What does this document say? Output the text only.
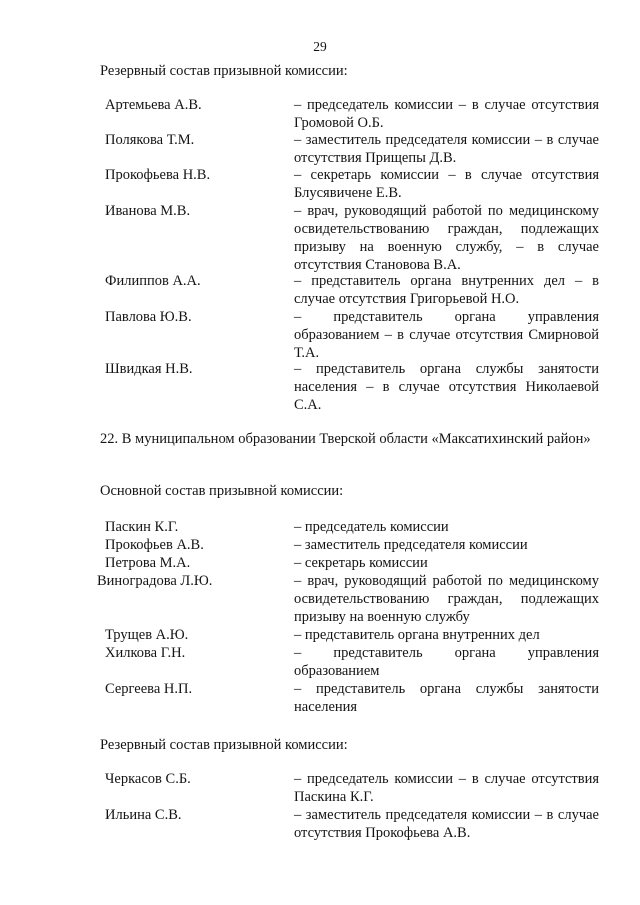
29
Резервный состав призывной комиссии:
Артемьева А.В.	– председатель комиссии – в случае отсутствия Громовой О.Б.
Полякова Т.М.	– заместитель председателя комиссии – в случае отсутствия Прищепы Д.В.
Прокофьева Н.В.	– секретарь комиссии – в случае отсутствия Блусявичене Е.В.
Иванова М.В.	– врач, руководящий работой по медицинскому освидетельствованию граждан, подлежащих призыву на военную службу, – в случае отсутствия Становова В.А.
Филиппов А.А.	– представитель органа внутренних дел – в случае отсутствия Григорьевой Н.О.
Павлова Ю.В.	– представитель органа управления образованием – в случае отсутствия Смирновой Т.А.
Швидкая Н.В.	– представитель органа службы занятости населения – в случае отсутствия Николаевой С.А.
22. В муниципальном образовании Тверской области «Максатихинский район»
Основной состав призывной комиссии:
Паскин К.Г.	– председатель комиссии
Прокофьев А.В.	– заместитель председателя комиссии
Петрова М.А.	– секретарь комиссии
Виноградова Л.Ю.	– врач, руководящий работой по медицинскому освидетельствованию граждан, подлежащих призыву на военную службу
Трущев А.Ю.	– представитель органа внутренних дел
Хилкова Г.Н.	– представитель органа управления образованием
Сергеева Н.П.	– представитель органа службы занятости населения
Резервный состав призывной комиссии:
Черкасов С.Б.	– председатель комиссии – в случае отсутствия Паскина К.Г.
Ильина С.В.	– заместитель председателя комиссии – в случае отсутствия Прокофьева А.В.
